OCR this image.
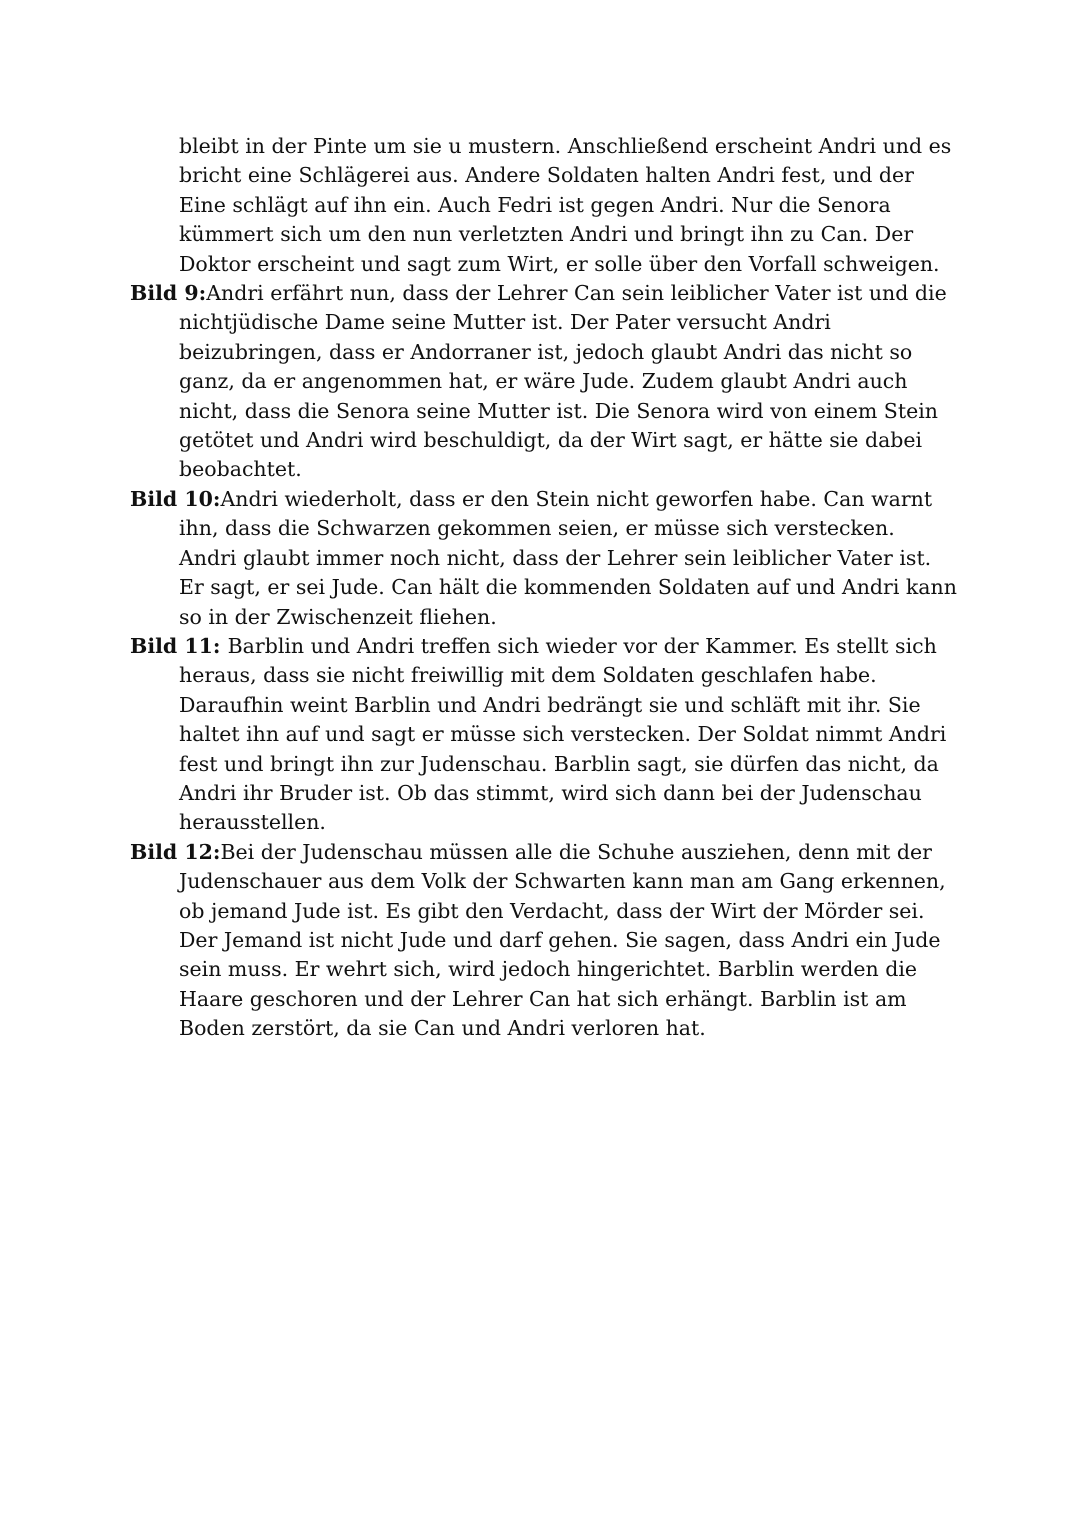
bleibt in der Pinte um sie u mustern. Anschließend erscheint Andri und es
bricht eine Schlägerei aus. Andere Soldaten halten Andri fest, und der
Eine schlägt auf ihn ein. Auch Fedri ist gegen Andri. Nur die Senora
kümmert sich um den nun verletzten Andri und bringt ihn zu Can. Der
Doktor erscheint und sagt zum Wirt, er solle über den Vorfall schweigen.

Bild 9:Andri erfährt nun, dass der Lehrer Can sein leiblicher Vater ist und die
nichtjüdische Dame seine Mutter ist. Der Pater versucht Andri
beizubringen, dass er Andorraner ist, jedoch glaubt Andri das nicht so
ganz, da er angenommen hat, er wäre Jude. Zudem glaubt Andri auch
nicht, dass die Senora seine Mutter ist. Die Senora wird von einem Stein
getötet und Andri wird beschuldigt, da der Wirt sagt, er hätte sie dabei
beobachtet.

Bild 10:Andri wiederholt, dass er den Stein nicht geworfen habe. Can warnt
ihn, dass die Schwarzen gekommen seien, er müsse sich verstecken.
Andri glaubt immer noch nicht, dass der Lehrer sein leiblicher Vater ist.
Er sagt, er sei Jude. Can hält die kommenden Soldaten auf und Andri kann
so in der Zwischenzeit fliehen.

Bild 11: Barblin und Andri treffen sich wieder vor der Kammer. Es stellt sich
heraus, dass sie nicht freiwillig mit dem Soldaten geschlafen habe.
Daraufhin weint Barblin und Andri bedrängt sie und schläft mit ihr. Sie
haltet ihn auf und sagt er müsse sich verstecken. Der Soldat nimmt Andri
fest und bringt ihn zur Judenschau. Barblin sagt, sie dürfen das nicht, da
Andri ihr Bruder ist. Ob das stimmt, wird sich dann bei der Judenschau
herausstellen.

Bild 12:Bei der Judenschau müssen alle die Schuhe ausziehen, denn mit der
Judenschauer aus dem Volk der Schwarten kann man am Gang erkennen,
ob jemand Jude ist. Es gibt den Verdacht, dass der Wirt der Mörder sei.
Der Jemand ist nicht Jude und darf gehen. Sie sagen, dass Andri ein Jude
sein muss. Er wehrt sich, wird jedoch hingerichtet. Barblin werden die
Haare geschoren und der Lehrer Can hat sich erhängt. Barblin ist am
Boden zerstört, da sie Can und Andri verloren hat.
